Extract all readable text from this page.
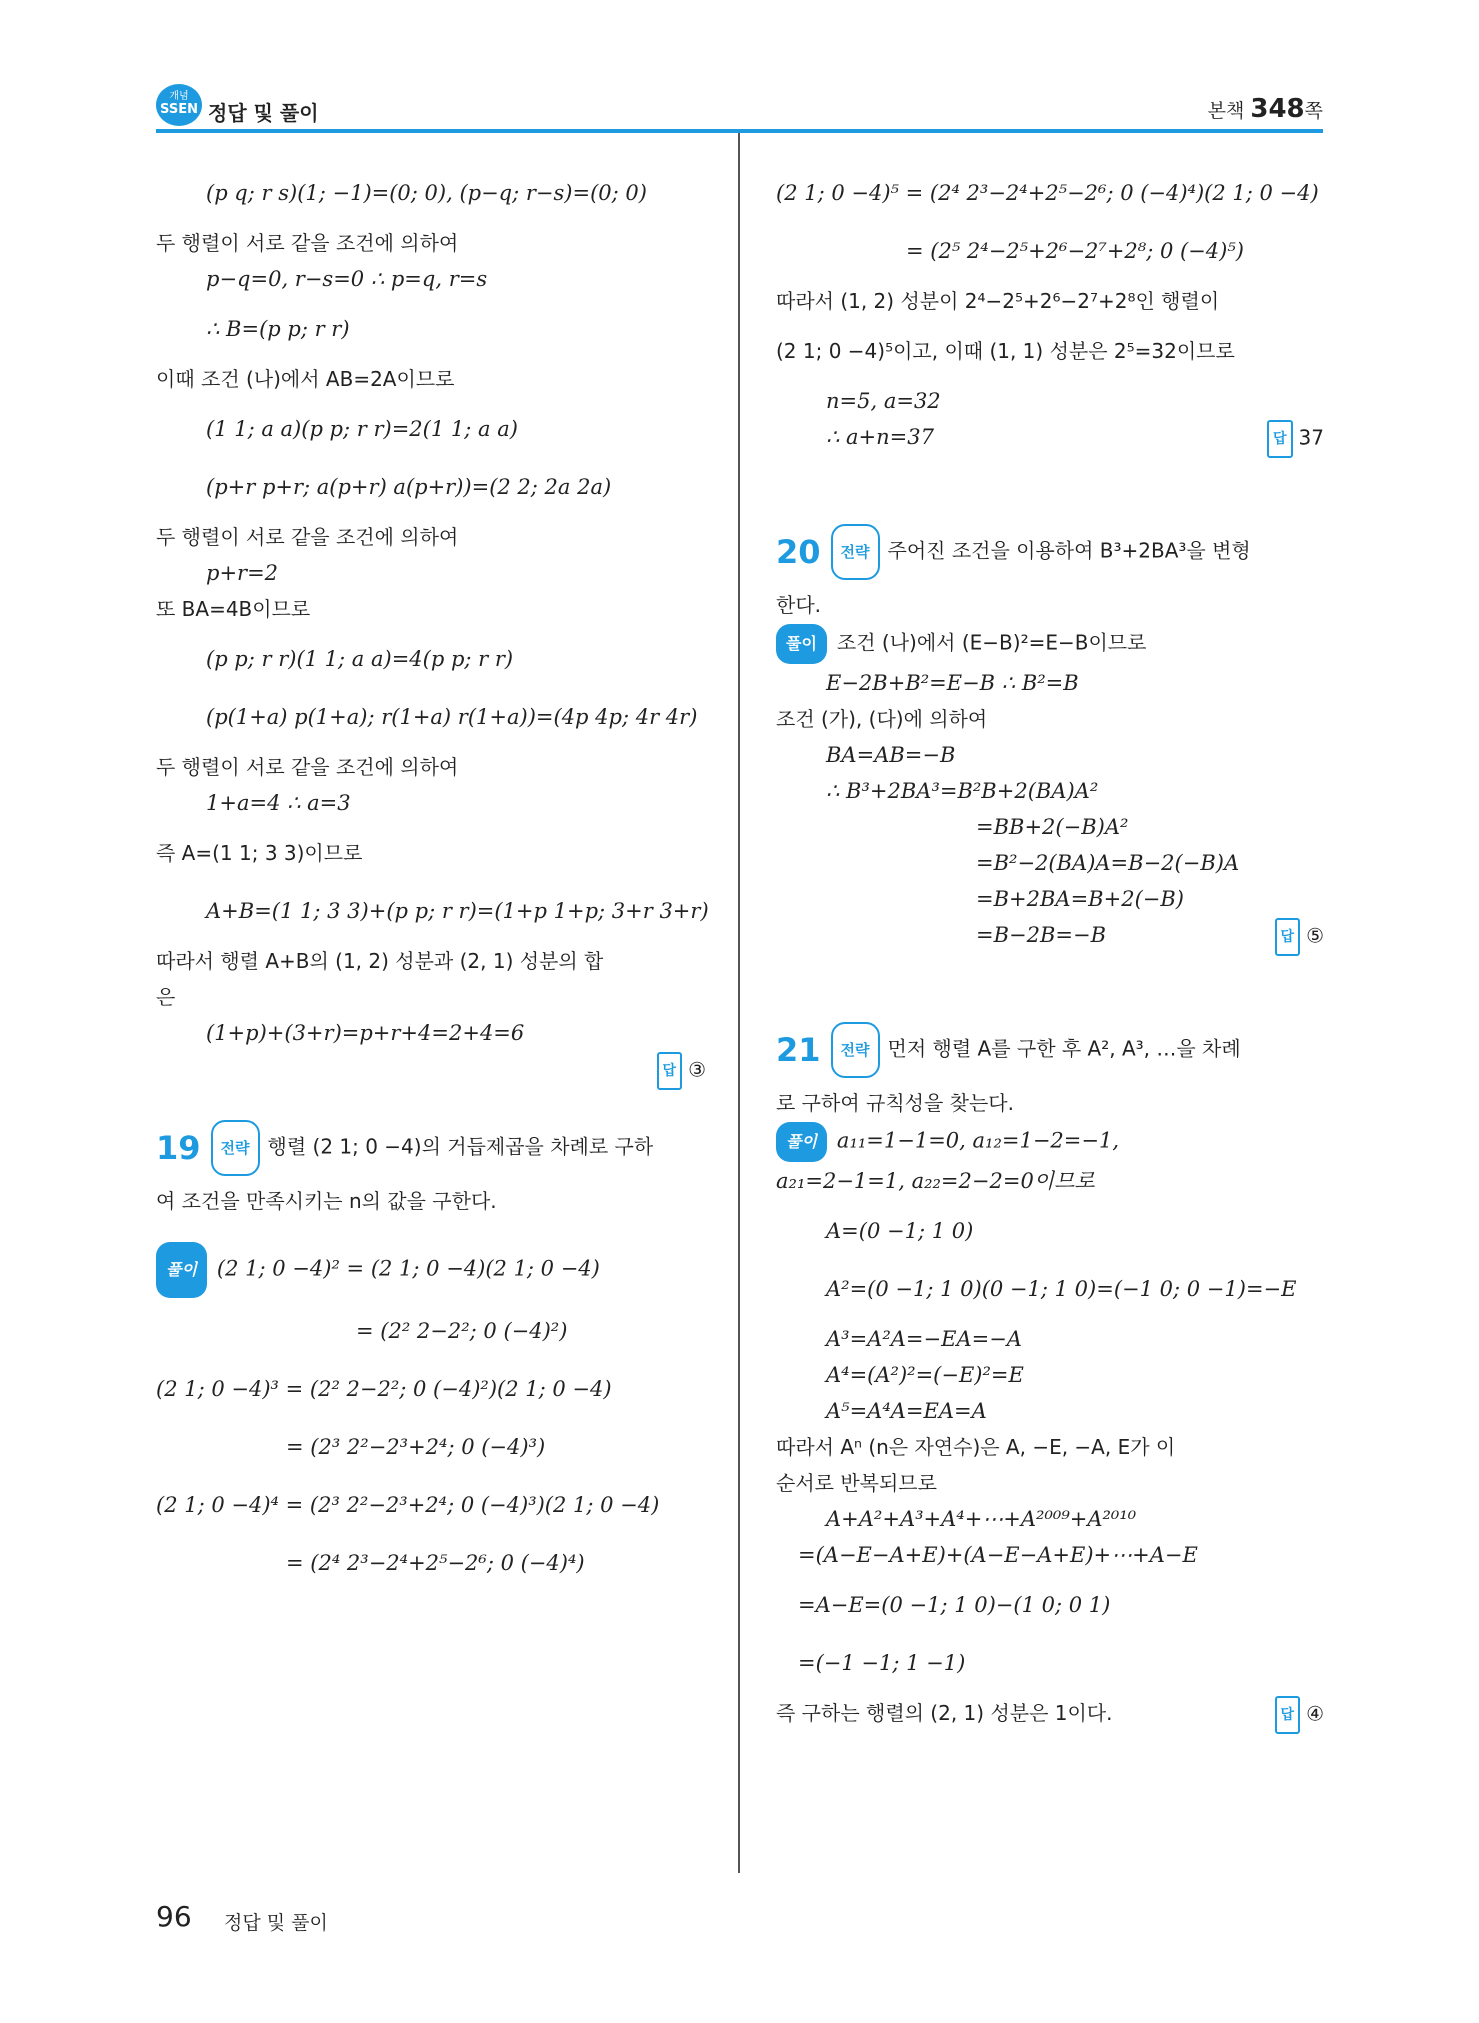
개념
SSEN 정답 및 풀이	본책 348쪽
(p q; r s)(1; −1)=(0; 0), (p−q; r−s)=(0; 0)
두 행렬이 서로 같을 조건에 의하여
p−q=0, r−s=0 ∴ p=q, r=s
∴ B=(p p; r r)
이때 조건 (나)에서 AB=2A이므로
(1 1; a a)(p p; r r)=2(1 1; a a)
(p+r p+r; a(p+r) a(p+r))=(2 2; 2a 2a)
두 행렬이 서로 같을 조건에 의하여
p+r=2
또 BA=4B이므로
(p p; r r)(1 1; a a)=4(p p; r r)
(p(1+a) p(1+a); r(1+a) r(1+a))=(4p 4p; 4r 4r)
두 행렬이 서로 같을 조건에 의하여
1+a=4 ∴ a=3
즉 A=(1 1; 3 3)이므로
A+B=(1 1; 3 3)+(p p; r r)=(1+p 1+p; 3+r 3+r)
따라서 행렬 A+B의 (1, 2) 성분과 (2, 1) 성분의 합
은
(1+p)+(3+r)=p+r+4=2+4=6
답 ③
19 전략 행렬 (2 1; 0 −4)의 거듭제곱을 차례로 구하
여 조건을 만족시키는 n의 값을 구한다.
풀이 (2 1; 0 −4)² = (2 1; 0 −4)(2 1; 0 −4)
= (2² 2−2²; 0 (−4)²)
(2 1; 0 −4)³ = (2² 2−2²; 0 (−4)²)(2 1; 0 −4)
= (2³ 2²−2³+2⁴; 0 (−4)³)
(2 1; 0 −4)⁴ = (2³ 2²−2³+2⁴; 0 (−4)³)(2 1; 0 −4)
= (2⁴ 2³−2⁴+2⁵−2⁶; 0 (−4)⁴)
(2 1; 0 −4)⁵ = (2⁴ 2³−2⁴+2⁵−2⁶; 0 (−4)⁴)(2 1; 0 −4)
= (2⁵ 2⁴−2⁵+2⁶−2⁷+2⁸; 0 (−4)⁵)
따라서 (1, 2) 성분이 2⁴−2⁵+2⁶−2⁷+2⁸인 행렬이
(2 1; 0 −4)⁵이고, 이때 (1, 1) 성분은 2⁵=32이므로
n=5, a=32
∴ a+n=37	답 37
20 전략 주어진 조건을 이용하여 B³+2BA³을 변형
한다.
풀이 조건 (나)에서 (E−B)²=E−B이므로
E−2B+B²=E−B ∴ B²=B
조건 (가), (다)에 의하여
BA=AB=−B
∴ B³+2BA³=B²B+2(BA)A²
=BB+2(−B)A²
=B²−2(BA)A=B−2(−B)A
=B+2BA=B+2(−B)
=B−2B=−B	답 ⑤
21 전략 먼저 행렬 A를 구한 후 A², A³, …을 차례
로 구하여 규칙성을 찾는다.
풀이 a₁₁=1−1=0, a₁₂=1−2=−1,
a₂₁=2−1=1, a₂₂=2−2=0이므로
A=(0 −1; 1 0)
A²=(0 −1; 1 0)(0 −1; 1 0)=(−1 0; 0 −1)=−E
A³=A²A=−EA=−A
A⁴=(A²)²=(−E)²=E
A⁵=A⁴A=EA=A
따라서 Aⁿ (n은 자연수)은 A, −E, −A, E가 이
순서로 반복되므로
A+A²+A³+A⁴+⋯+A²⁰⁰⁹+A²⁰¹⁰
=(A−E−A+E)+(A−E−A+E)+⋯+A−E
=A−E=(0 −1; 1 0)−(1 0; 0 1)
=(−1 −1; 1 −1)
즉 구하는 행렬의 (2, 1) 성분은 1이다.	답 ④
96 정답 및 풀이
